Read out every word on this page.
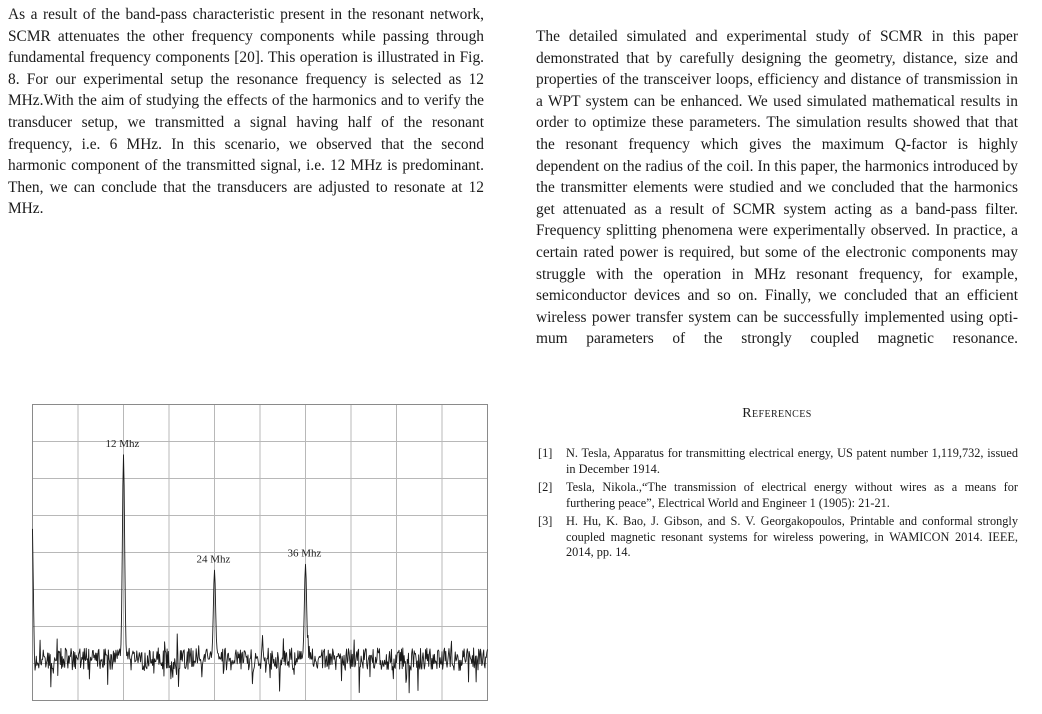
As a result of the band-pass characteristic present in the resonant network, SCMR attenuates the other frequency components while passing through fundamental frequency components [20]. This operation is illustrated in Fig. 8. For our experimental setup the resonance frequency is selected as 12 MHz.With the aim of studying the effects of the harmonics and to verify the transducer setup, we transmitted a signal having half of the resonant frequency, i.e. 6 MHz. In this scenario, we observed that the second harmonic component of the transmitted signal, i.e. 12 MHz is predominant. Then, we can conclude that the transducers are adjusted to resonate at 12 MHz.

12 Mhz
24 Mhz	36 Mhz

The detailed simulated and experimental study of SCMR in this paper demonstrated that by carefully designing the geometry, distance, size and properties of the transceiver loops, efficiency and distance of transmission in a WPT system can be enhanced. We used simulated mathematical results in order to optimize these parameters. The simulation results showed that that the resonant frequency which gives the maximum Q-factor is highly dependent on the radius of the coil. In this paper, the harmonics introduced by the transmitter elements were studied and we concluded that the harmonics get attenuated as a result of SCMR system acting as a band-pass filter. Frequency splitting phenomena were experimentally observed. In practice, a certain rated power is required, but some of the electronic components may struggle with the operation in MHz resonant frequency, for example, semiconductor devices and so on. Finally, we concluded that an efficient wireless power transfer system can be successfully implemented using optimum parameters of the strongly coupled magnetic resonance.

References
[1] N. Tesla, Apparatus for transmitting electrical energy, US patent number 1,119,732, issued in December 1914.
[2] Tesla, Nikola.,“The transmission of electrical energy without wires as a means for furthering peace”, Electrical World and Engineer 1 (1905): 21-21.
[3] H. Hu, K. Bao, J. Gibson, and S. V. Georgakopoulos, Printable and conformal strongly coupled magnetic resonant systems for wireless powering, in WAMICON 2014. IEEE, 2014, pp. 14.
